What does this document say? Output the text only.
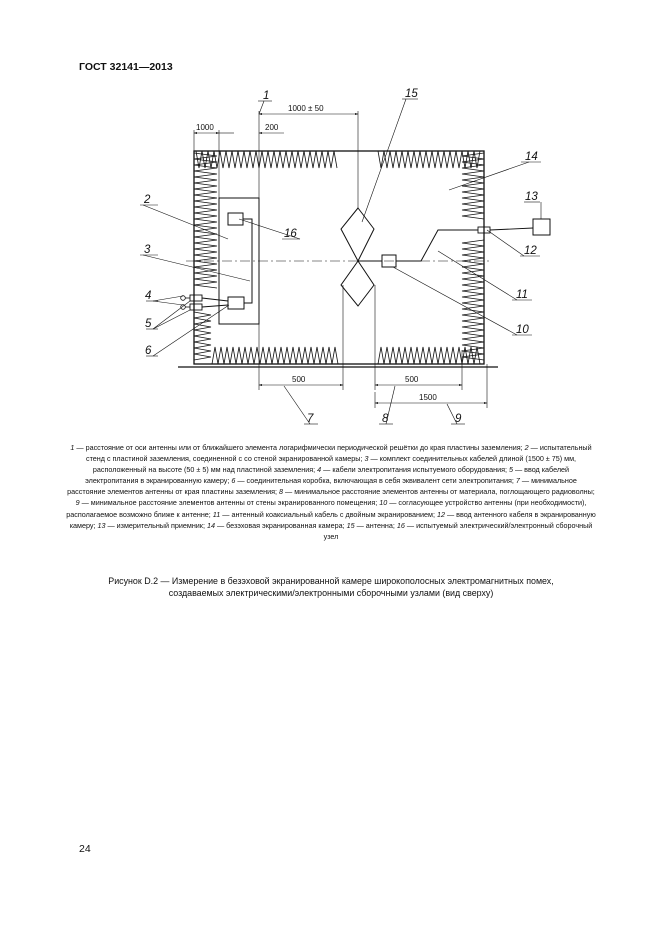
ГОСТ 32141—2013
1000	200
1000 ± 50
500	500
1500
1
2
3
4
5
6
7	8	9
10
11
12
13
14
15
16
1 — расстояние от оси антенны или от ближайшего элемента логарифмически периодической решётки до края пластины заземления; 2 — испытательный стенд с пластиной заземления, соединенной с со стеной экранированной камеры; 3 — комплект соединительных кабелей длиной (1500 ± 75) мм, расположенный на высоте (50 ± 5) мм над пластиной заземления; 4 — кабели электропитания испытуемого оборудования; 5 — ввод кабелей электропитания в экранированную камеру; 6 — соединительная коробка, включающая в себя эквивалент сети электропитания; 7 — минимальное расстояние элементов антенны от края пластины заземления; 8 — минимальное расстояние элементов антенны от материала, поглощающего радиоволны; 9 — минимальное расстояние элементов антенны от стены экранированного помещения; 10 — согласующее устройство антенны (при необходимости), располагаемое возможно ближе к антенне; 11 — антенный коаксиальный кабель с двойным экранированием; 12 — ввод антенного кабеля в экранированную камеру; 13 — измерительный приемник; 14 — безэховая экранированная камера; 15 — антенна; 16 — испытуемый электрический/электронный сборочный узел
Рисунок D.2 — Измерение в безэховой экранированной камере широкополосных электромагнитных помех,
создаваемых электрическими/электронными сборочными узлами (вид сверху)
24
